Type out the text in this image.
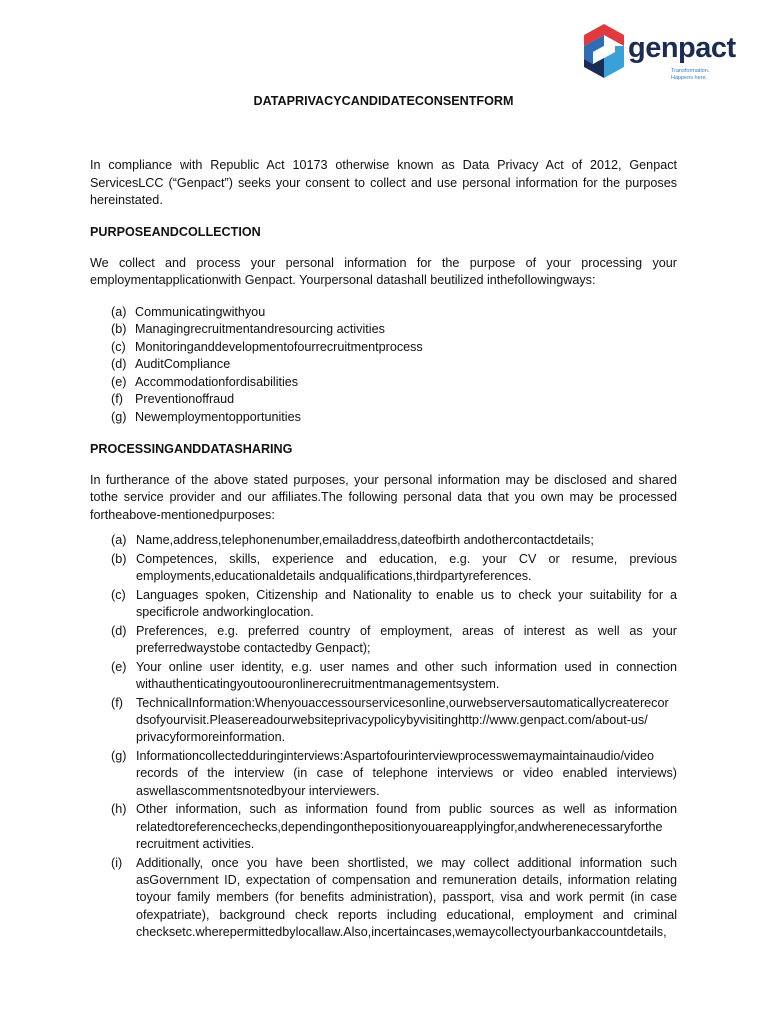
genpact
Transformation. Happens here.
DATAPRIVACYCANDIDATECONSENTFORM

In compliance with Republic Act 10173 otherwise known as Data Privacy Act of 2012, Genpact ServicesLCC (“Genpact”) seeks your consent to collect and use personal information for the purposes hereinstated.

PURPOSEANDCOLLECTION

We collect and process your personal information for the purpose of your processing your employmentapplicationwith Genpact. Yourpersonal datashall beutilized inthefollowingways:

(a) Communicatingwithyou
(b) Managingrecruitmentandresourcing activities
(c) Monitoringanddevelopmentofourrecruitmentprocess
(d) AuditCompliance
(e) Accommodationfordisabilities
(f) Preventionoffraud
(g) Newemploymentopportunities
PROCESSINGANDDATASHARING

In furtherance of the above stated purposes, your personal information may be disclosed and shared tothe service provider and our affiliates.The following personal data that you own may be processed fortheabove-mentionedpurposes:

(a) Name,address,telephonenumber,emailaddress,dateofbirth andothercontactdetails;
(b) Competences, skills, experience and education, e.g. your CV or resume, previous employments,educationaldetails andqualifications,thirdpartyreferences.
(c) Languages spoken, Citizenship and Nationality to enable us to check your suitability for a specificrole andworkinglocation.
(d) Preferences, e.g. preferred country of employment, areas of interest as well as your preferredwaystobe contactedby Genpact);
(e) Your online user identity, e.g. user names and other such information used in connection withauthenticatingyoutoouronlinerecruitmentmanagementsystem.
(f) TechnicalInformation:Whenyouaccessourservicesonline,ourwebserversautomaticallycreaterecor dsofyourvisit.Pleasereadourwebsiteprivacypolicybyvisitinghttp://www.genpact.com/about-us/ privacyformoreinformation.
(g) Informationcollectedduringinterviews:Aspartofourinterviewprocesswemaymaintainaudio/video records of the interview (in case of telephone interviews or video enabled interviews) aswellascommentsnotedbyour interviewers.
(h) Other information, such as information found from public sources as well as information relatedtoreferencechecks,dependingonthepositionyouareapplyingfor,andwherenecessaryforthe recruitment activities.
(i) Additionally, once you have been shortlisted, we may collect additional information such asGovernment ID, expectation of compensation and remuneration details, information relating toyour family members (for benefits administration), passport, visa and work permit (in case ofexpatriate), background check reports including educational, employment and criminal checksetc.wherepermittedbylocallaw.Also,incertaincases,wemaycollectyourbankaccountdetails,
